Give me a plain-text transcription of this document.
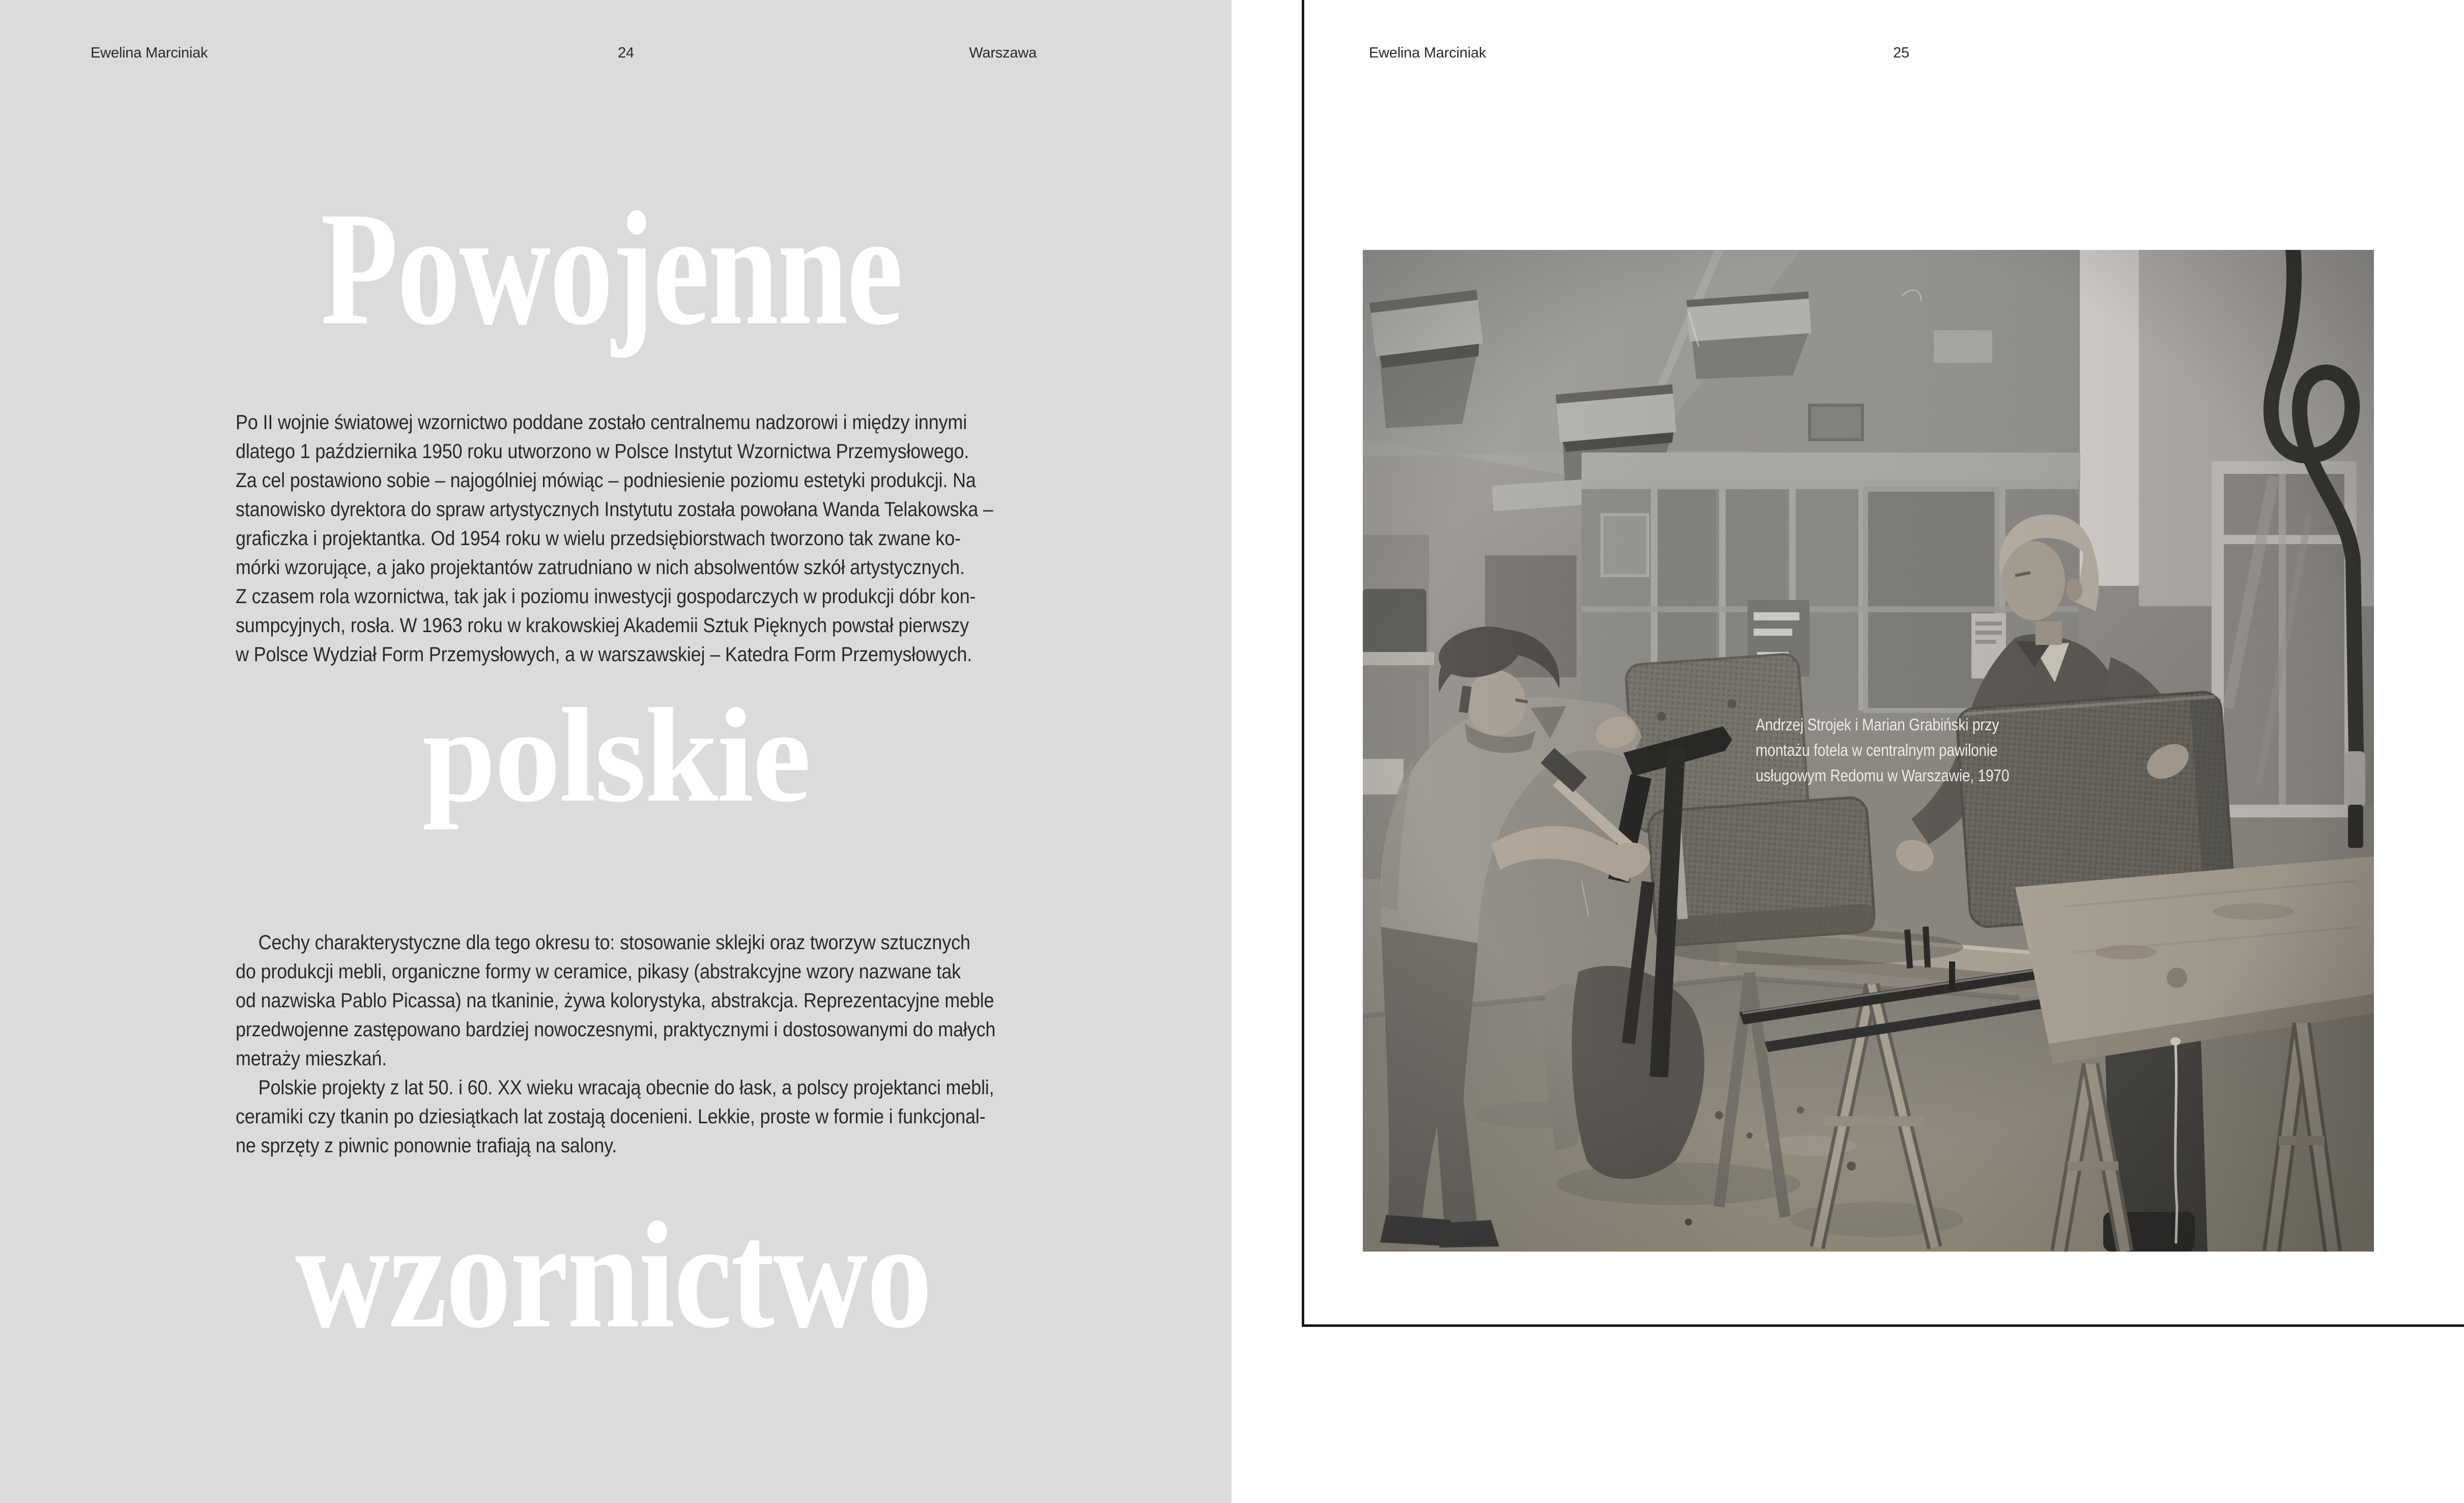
Ewelina Marciniak	24	Warszawa
Powojenne
polskie
wzornictwo
Po II wojnie światowej wzornictwo poddane zostało centralnemu nadzorowi i między innymi
dlatego 1 października 1950 roku utworzono w Polsce Instytut Wzornictwa Przemysłowego.
Za cel postawiono sobie – najogólniej mówiąc – podniesienie poziomu estetyki produkcji. Na
stanowisko dyrektora do spraw artystycznych Instytutu została powołana Wanda Telakowska –
graficzka i projektantka. Od 1954 roku w wielu przedsiębiorstwach tworzono tak zwane ko-
mórki wzorujące, a jako projektantów zatrudniano w nich absolwentów szkół artystycznych.
Z czasem rola wzornictwa, tak jak i poziomu inwestycji gospodarczych w produkcji dóbr kon-
sumpcyjnych, rosła. W 1963 roku w krakowskiej Akademii Sztuk Pięknych powstał pierwszy
w Polsce Wydział Form Przemysłowych, a w warszawskiej – Katedra Form Przemysłowych.
  Cechy charakterystyczne dla tego okresu to: stosowanie sklejki oraz tworzyw sztucznych
do produkcji mebli, organiczne formy w ceramice, pikasy (abstrakcyjne wzory nazwane tak
od nazwiska Pablo Picassa) na tkaninie, żywa kolorystyka, abstrakcja. Reprezentacyjne meble
przedwojenne zastępowano bardziej nowoczesnymi, praktycznymi i dostosowanymi do małych
metraży mieszkań.
  Polskie projekty z lat 50. i 60. XX wieku wracają obecnie do łask, a polscy projektanci mebli,
ceramiki czy tkanin po dziesiątkach lat zostają docenieni. Lekkie, proste w formie i funkcjonal-
ne sprzęty z piwnic ponownie trafiają na salony.
Ewelina Marciniak	25
Andrzej Strojek i Marian Grabiński przy
montażu fotela w centralnym pawilonie
usługowym Redomu w Warszawie, 1970
